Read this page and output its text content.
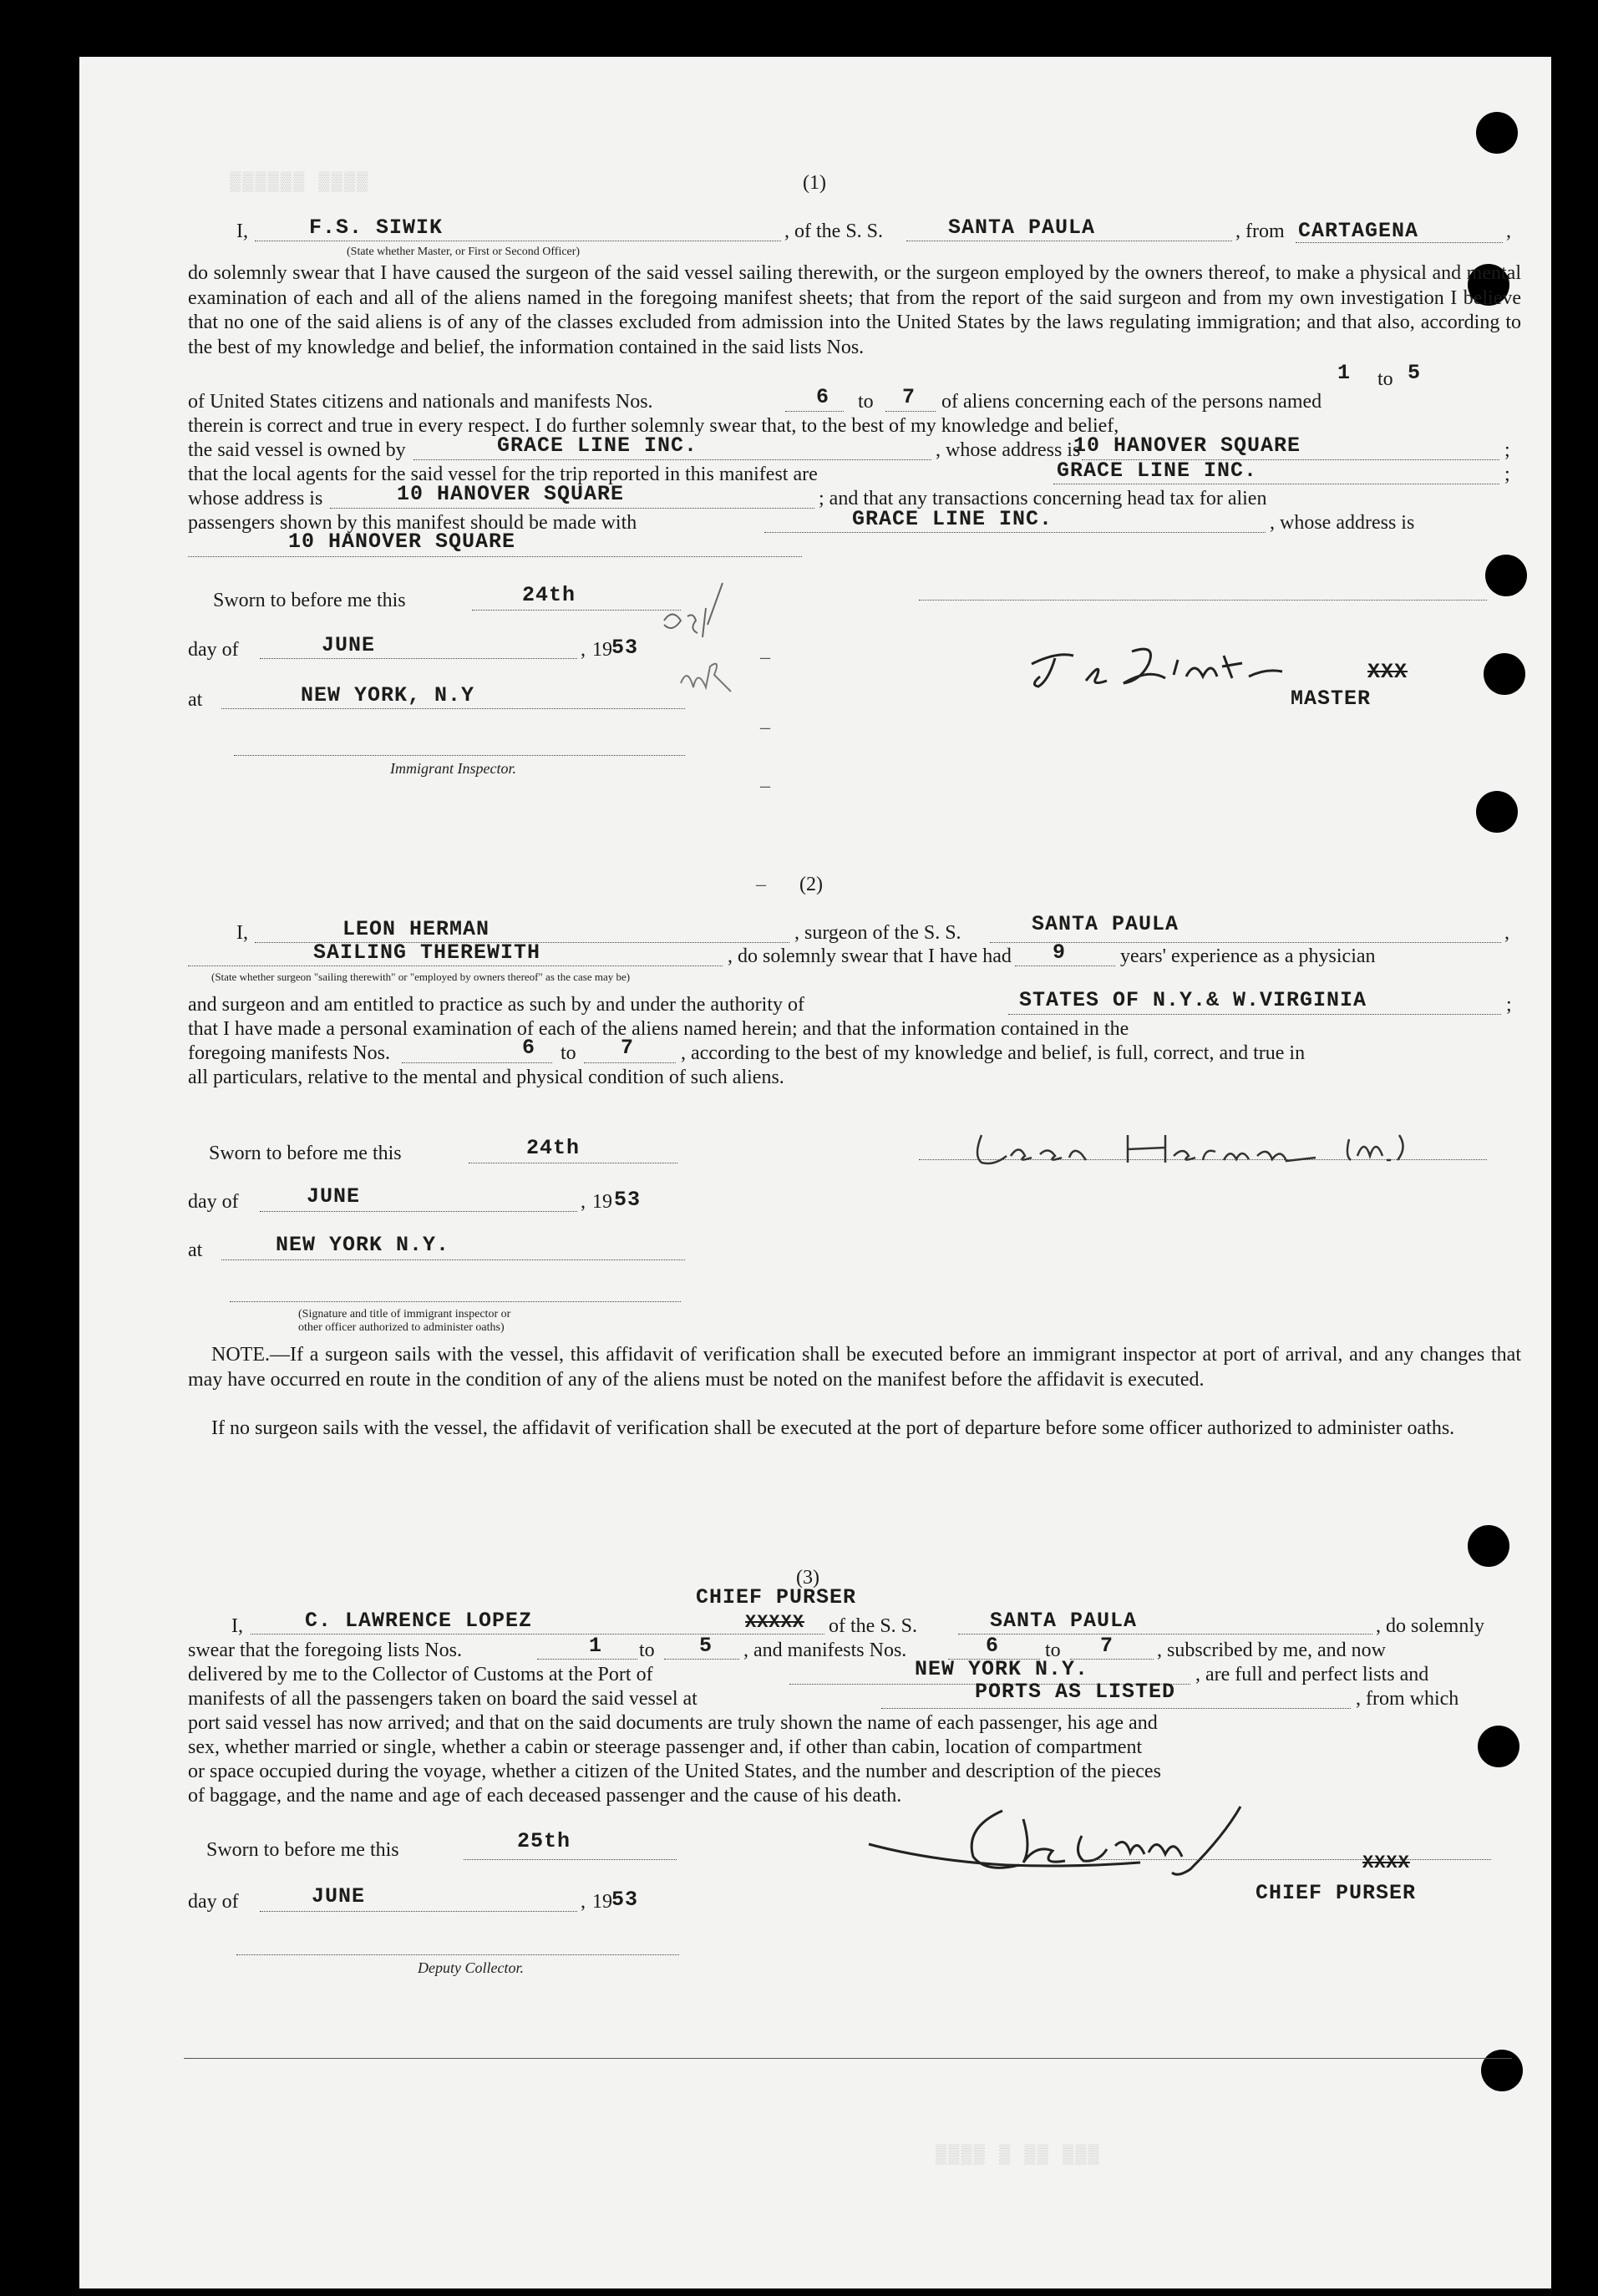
(1)
I,	F.S. SIWIK
(State whether Master, or First or Second Officer)
, of the S. S.	SANTA PAULA	, from CARTAGENA	,
do solemnly swear that I have caused the surgeon of the said vessel sailing therewith, or the surgeon employed by the owners thereof, to make a physical and mental examination of each and all of the aliens named in the foregoing manifest sheets; that from the report of the said surgeon and from my own investigation I believe that no one of the said aliens is of any of the classes excluded from admission into the United States by the laws regulating immigration; and that also, according to the best of my knowledge and belief, the information contained in the said lists Nos.
1 to 5
of United States citizens and nationals and manifests Nos.	6 to 7 of aliens concerning each of the persons named
therein is correct and true in every respect. I do further solemnly swear that, to the best of my knowledge and belief,
the said vessel is owned by	GRACE LINE INC.	, whose address is
10 HANOVER SQUARE	;
that the local agents for the said vessel for the trip reported in this manifest are	GRACE LINE INC.	;
whose address is	10 HANOVER SQUARE	; and that any transactions concerning head tax for alien
passengers shown by this manifest should be made with	GRACE LINE INC.	, whose address is
10 HANOVER SQUARE
Sworn to before me this	24th
day of	JUNE	, 19 53
at	NEW YORK, N.Y
Immigrant Inspector.
–
–
–
XXX
MASTER
– (2)
I,	LEON HERMAN	, surgeon of the S. S.	SANTA PAULA	,
SAILING THEREWITH	, do solemnly swear that I have had 9	years' experience as a physician
(State whether surgeon "sailing therewith" or "employed by owners thereof" as the case may be)
and surgeon and am entitled to practice as such by and under the authority of	STATES OF N.Y.& W.VIRGINIA	;
that I have made a personal examination of each of the aliens named herein; and that the information contained in the
foregoing manifests Nos.	6 to 7 , according to the best of my knowledge and belief, is full, correct, and true in
all particulars, relative to the mental and physical condition of such aliens.
Sworn to before me this	24th
day of	JUNE	, 19 53
at	NEW YORK N.Y.
(Signature and title of immigrant inspector or
other officer authorized to administer oaths)
NOTE.—If a surgeon sails with the vessel, this affidavit of verification shall be executed before an immigrant inspector at port of arrival, and any changes that may have occurred en route in the condition of any of the aliens must be noted on the manifest before the affidavit is executed.
If no surgeon sails with the vessel, the affidavit of verification shall be executed at the port of departure before some officer authorized to administer oaths.
(3)
CHIEF PURSER
I,	C. LAWRENCE LOPEZ	XXXXX of the S. S.	SANTA PAULA	, do solemnly
swear that the foregoing lists Nos.	1 to 5 , and manifests Nos.	6 to 7 , subscribed by me, and now
delivered by me to the Collector of Customs at the Port of	NEW YORK N.Y.	, are full and perfect lists and
manifests of all the passengers taken on board the said vessel at	PORTS AS LISTED	, from which
port said vessel has now arrived; and that on the said documents are truly shown the name of each passenger, his age and
sex, whether married or single, whether a cabin or steerage passenger and, if other than cabin, location of compartment
or space occupied during the voyage, whether a citizen of the United States, and the number and description of the pieces
of baggage, and the name and age of each deceased passenger and the cause of his death.
Sworn to before me this	25th
day of	JUNE	, 19 53
Deputy Collector.
XXXX
CHIEF PURSER
▒▒▒▒ ▒ ▒▒ ▒▒▒
▒▒▒▒▒▒ ▒▒▒▒
